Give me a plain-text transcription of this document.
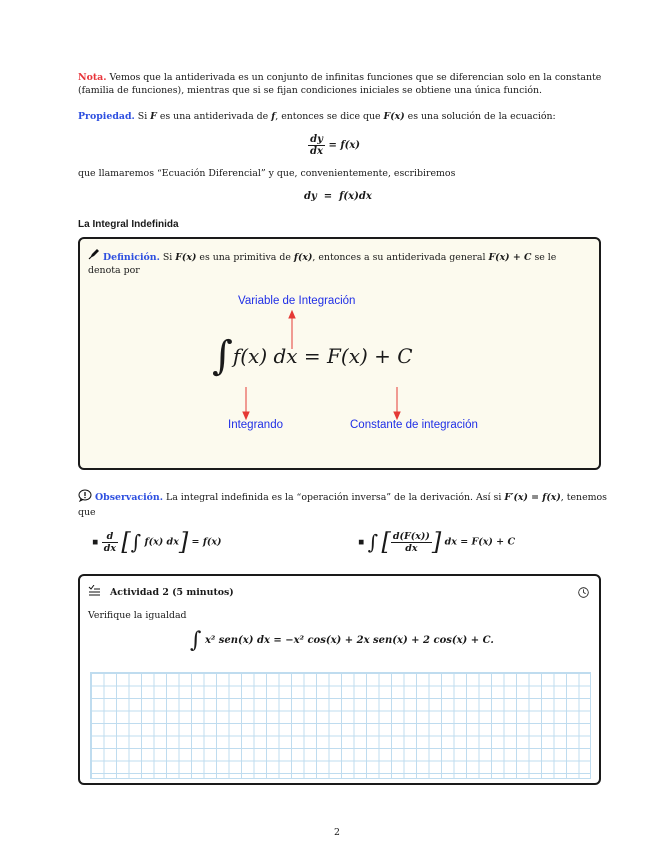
Nota. Vemos que la antiderivada es un conjunto de infinitas funciones que se diferencian solo en la constante
(familia de funciones), mientras que si se fijan condiciones iniciales se obtiene una única función.
Propiedad. Si F es una antiderivada de f, entonces se dice que F(x) es una solución de la ecuación:
$\frac{dy}{dx} = f(x)$
que llamaremos “Ecuación Diferencial” y que, convenientemente, escribiremos
dy  =  f(x)dx
La Integral Indefinida
Definición. Si F(x) es una primitiva de f(x), entonces a su antiderivada general F(x) + C se le
denota por
Variable de Integración
∫f(x) dx = F(x) + C
Integrando	Constante de integración
Observación. La integral indefinida es la “operación inversa” de la derivación. Así si F′(x) = f(x), tenemos
que
▪ $\frac{d}{dx}$ [∫ f(x) dx] = f(x)	▪ ∫ [ $\frac{d(F(x))}{dx}$ ] dx = F(x) + C
Actividad 2 (5 minutos)
Verifique la igualdad
∫ x² sen(x) dx = −x² cos(x) + 2x sen(x) + 2 cos(x) + C.
2
